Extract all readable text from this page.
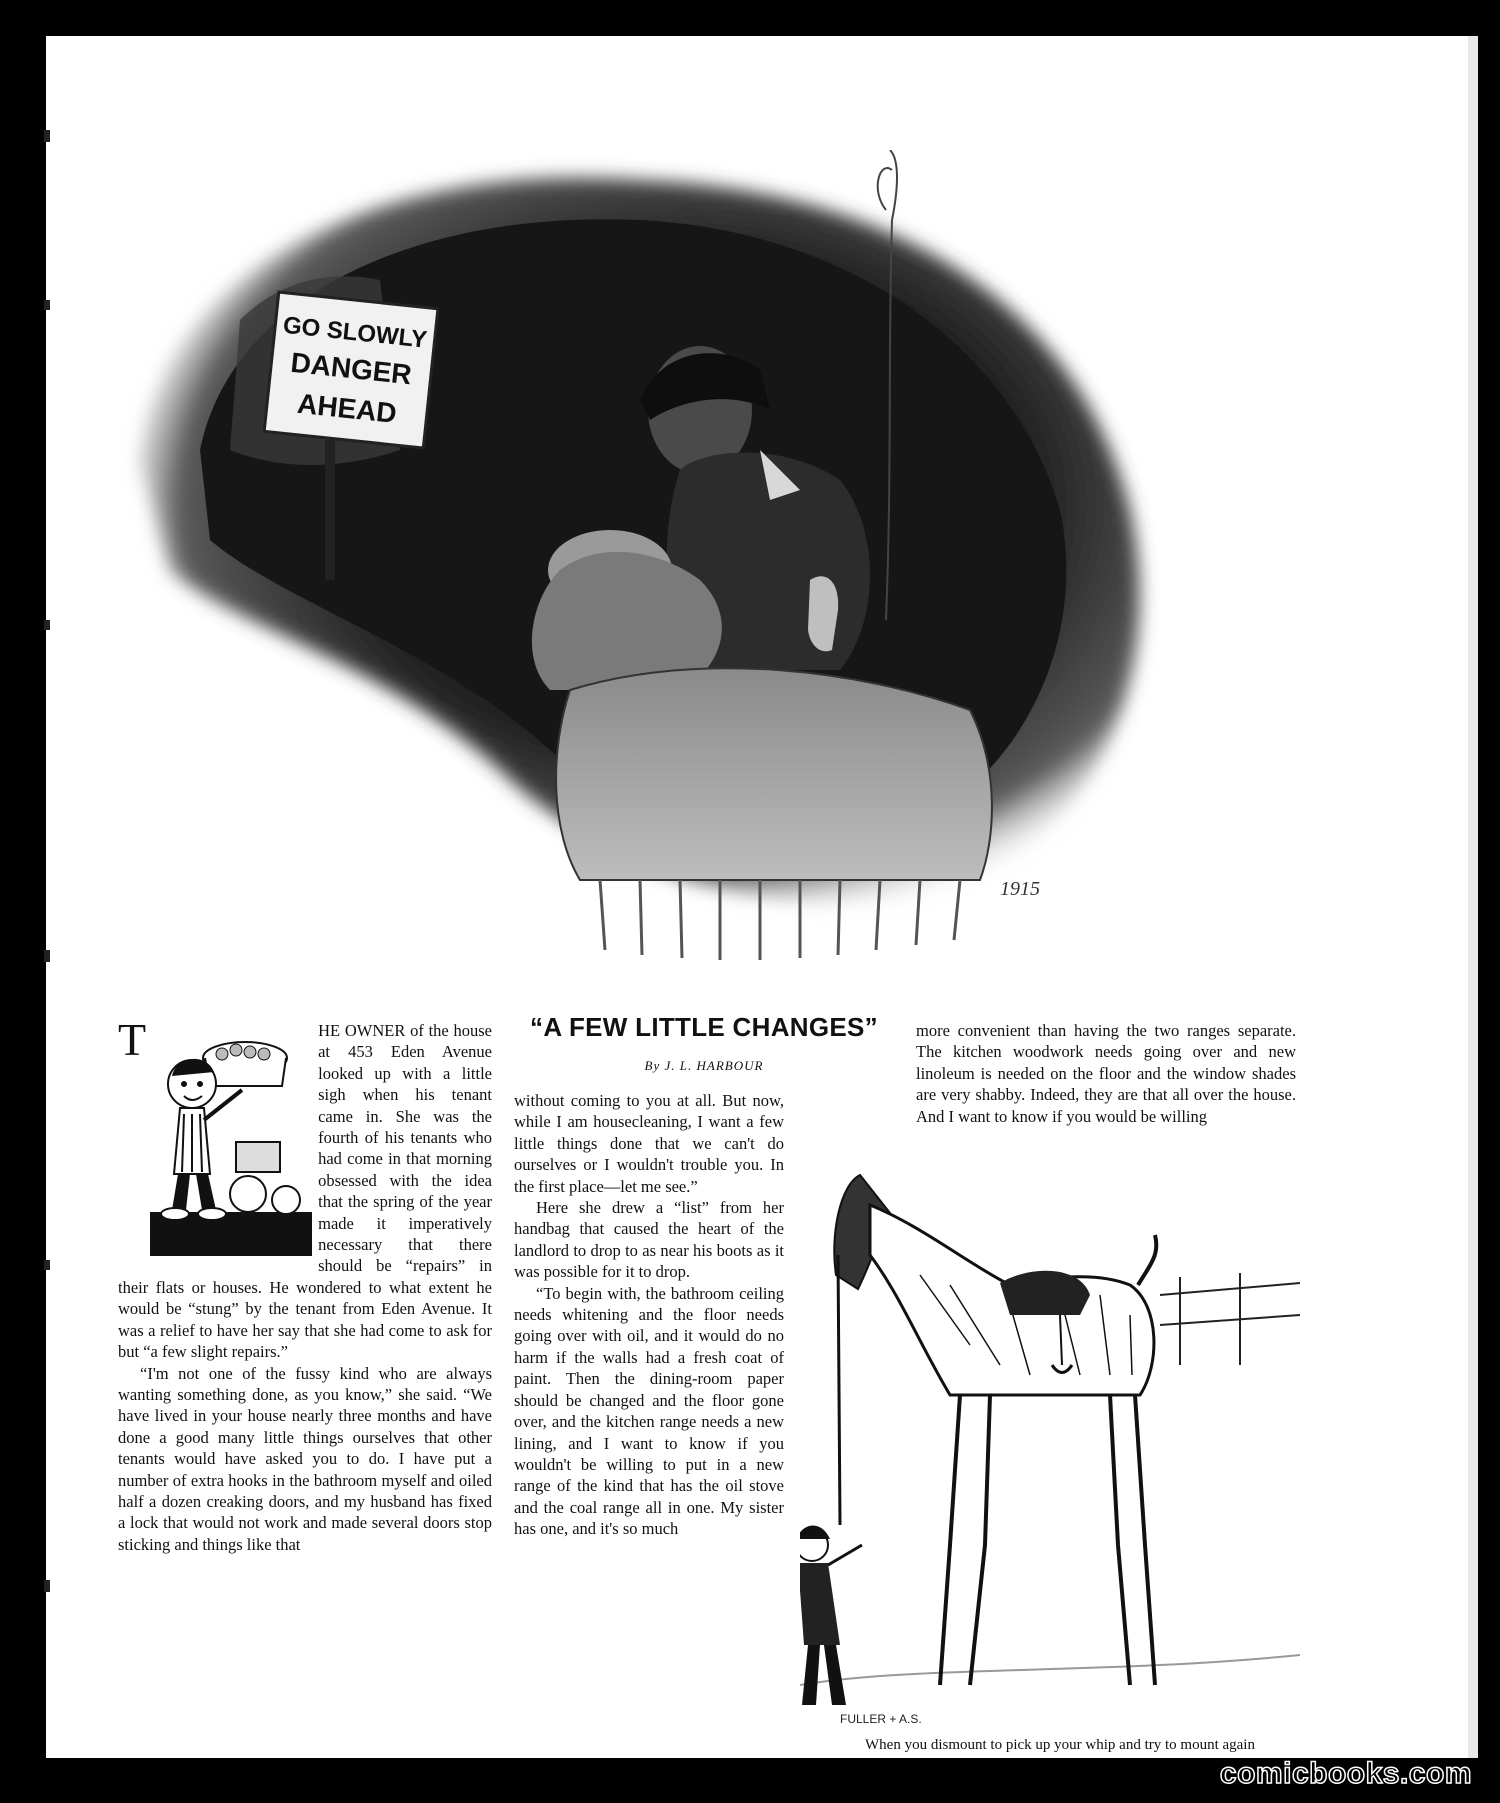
GO SLOWLY
DANGER
AHEAD
1915

T	HE OWNER of the house at 453 Eden Avenue looked up with a little sigh when his tenant came in. She was the fourth of his tenants who had come in that morning obsessed with the idea that the spring of the year made it imperatively necessary that there should be “repairs” in their flats or houses. He wondered to what extent he would be “stung” by the tenant from Eden Avenue. It was a relief to have her say that she had come to ask for but “a few slight repairs.”

“I'm not one of the fussy kind who are always wanting something done, as you know,” she said. “We have lived in your house nearly three months and have done a good many little things ourselves that other tenants would have asked you to do. I have put a number of extra hooks in the bathroom myself and oiled half a dozen creaking doors, and my husband has fixed a lock that would not work and made several doors stop sticking and things like that

“A FEW LITTLE CHANGES”
By J. L. HARBOUR

without coming to you at all. But now, while I am housecleaning, I want a few little things done that we can't do ourselves or I wouldn't trouble you. In the first place—let me see.”

Here she drew a “list” from her handbag that caused the heart of the landlord to drop to as near his boots as it was possible for it to drop.

“To begin with, the bathroom ceiling needs whitening and the floor needs going over with oil, and it would do no harm if the walls had a fresh coat of paint. Then the dining-room paper should be changed and the floor gone over, and the kitchen range needs a new lining, and I want to know if you wouldn't be willing to put in a new range of the kind that has the oil stove and the coal range all in one. My sister has one, and it's so much

more convenient than having the two ranges separate. The kitchen woodwork needs going over and new linoleum is needed on the floor and the window shades are very shabby. Indeed, they are that all over the house. And I want to know if you would be willing

FULLER + A.S.
When you dismount to pick up your whip and try to mount again
comicbooks.com
